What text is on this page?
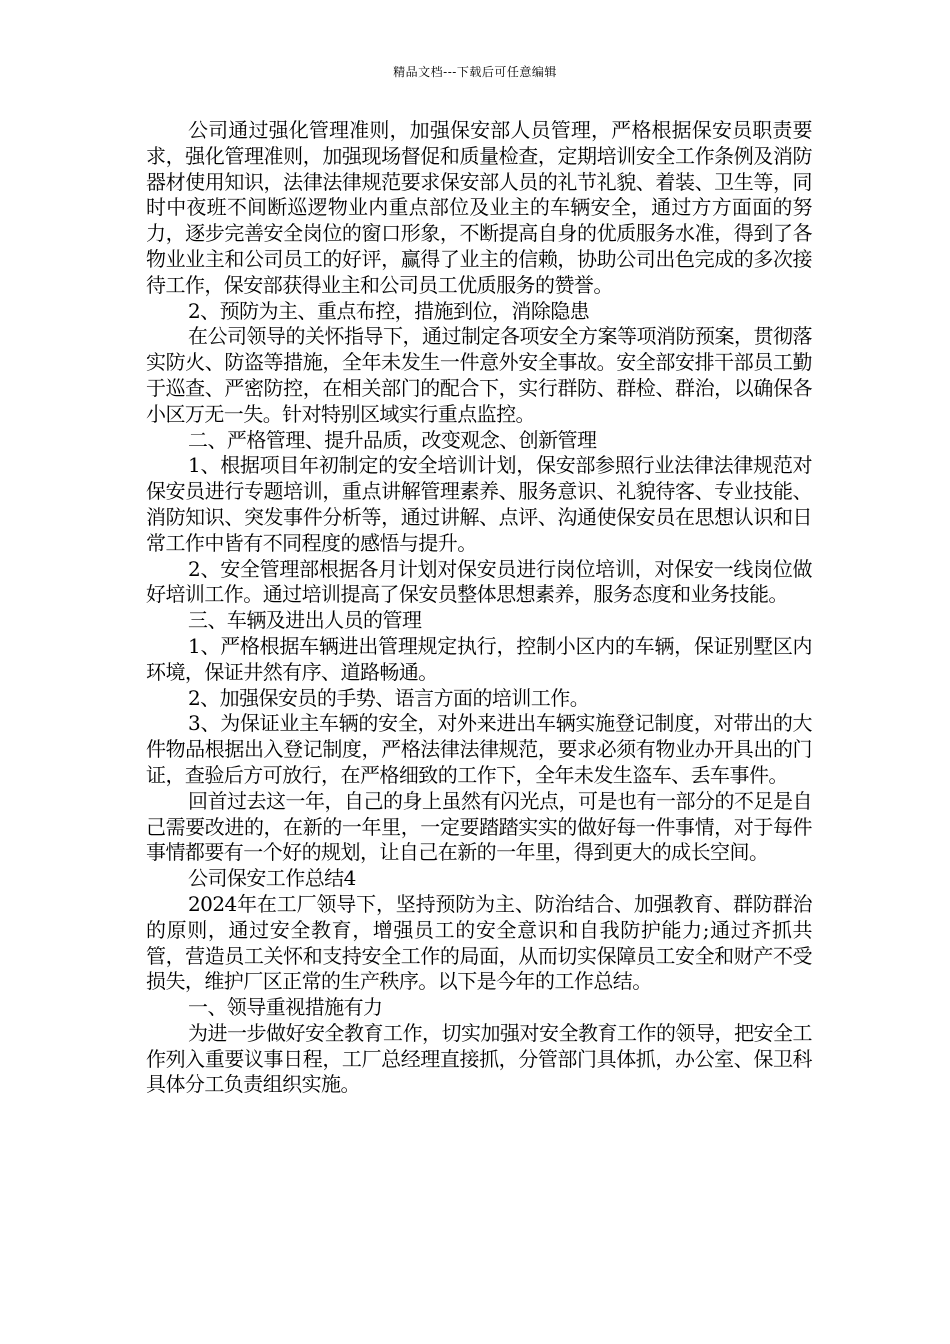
精品文档---下载后可任意编辑

公司通过强化管理准则，加强保安部人员管理，严格根据保安员职责要求，强化管理准则，加强现场督促和质量检查，定期培训安全工作条例及消防器材使用知识，法律法律规范要求保安部人员的礼节礼貌、着装、卫生等，同时中夜班不间断巡逻物业内重点部位及业主的车辆安全，通过方方面面的努力，逐步完善安全岗位的窗口形象，不断提高自身的优质服务水准，得到了各物业业主和公司员工的好评，赢得了业主的信赖，协助公司出色完成的多次接待工作，保安部获得业主和公司员工优质服务的赞誉。

2、预防为主、重点布控，措施到位，消除隐患

在公司领导的关怀指导下，通过制定各项安全方案等项消防预案，贯彻落实防火、防盗等措施，全年未发生一件意外安全事故。安全部安排干部员工勤于巡查、严密防控，在相关部门的配合下，实行群防、群检、群治，以确保各小区万无一失。针对特别区域实行重点监控。

二、严格管理、提升品质，改变观念、创新管理

1、根据项目年初制定的安全培训计划，保安部参照行业法律法律规范对保安员进行专题培训，重点讲解管理素养、服务意识、礼貌待客、专业技能、消防知识、突发事件分析等，通过讲解、点评、沟通使保安员在思想认识和日常工作中皆有不同程度的感悟与提升。

2、安全管理部根据各月计划对保安员进行岗位培训，对保安一线岗位做好培训工作。通过培训提高了保安员整体思想素养，服务态度和业务技能。

三、车辆及进出人员的管理

1、严格根据车辆进出管理规定执行，控制小区内的车辆，保证别墅区内环境，保证井然有序、道路畅通。

2、加强保安员的手势、语言方面的培训工作。

3、为保证业主车辆的安全，对外来进出车辆实施登记制度，对带出的大件物品根据出入登记制度，严格法律法律规范，要求必须有物业办开具出的门证，查验后方可放行，在严格细致的工作下，全年未发生盗车、丢车事件。

回首过去这一年，自己的身上虽然有闪光点，可是也有一部分的不足是自己需要改进的，在新的一年里，一定要踏踏实实的做好每一件事情，对于每件事情都要有一个好的规划，让自己在新的一年里，得到更大的成长空间。

公司保安工作总结4

2024年在工厂领导下，坚持预防为主、防治结合、加强教育、群防群治的原则，通过安全教育，增强员工的安全意识和自我防护能力;通过齐抓共管，营造员工关怀和支持安全工作的局面，从而切实保障员工安全和财产不受损失，维护厂区正常的生产秩序。以下是今年的工作总结。

一、领导重视措施有力

为进一步做好安全教育工作，切实加强对安全教育工作的领导，把安全工作列入重要议事日程，工厂总经理直接抓，分管部门具体抓，办公室、保卫科具体分工负责组织实施。
